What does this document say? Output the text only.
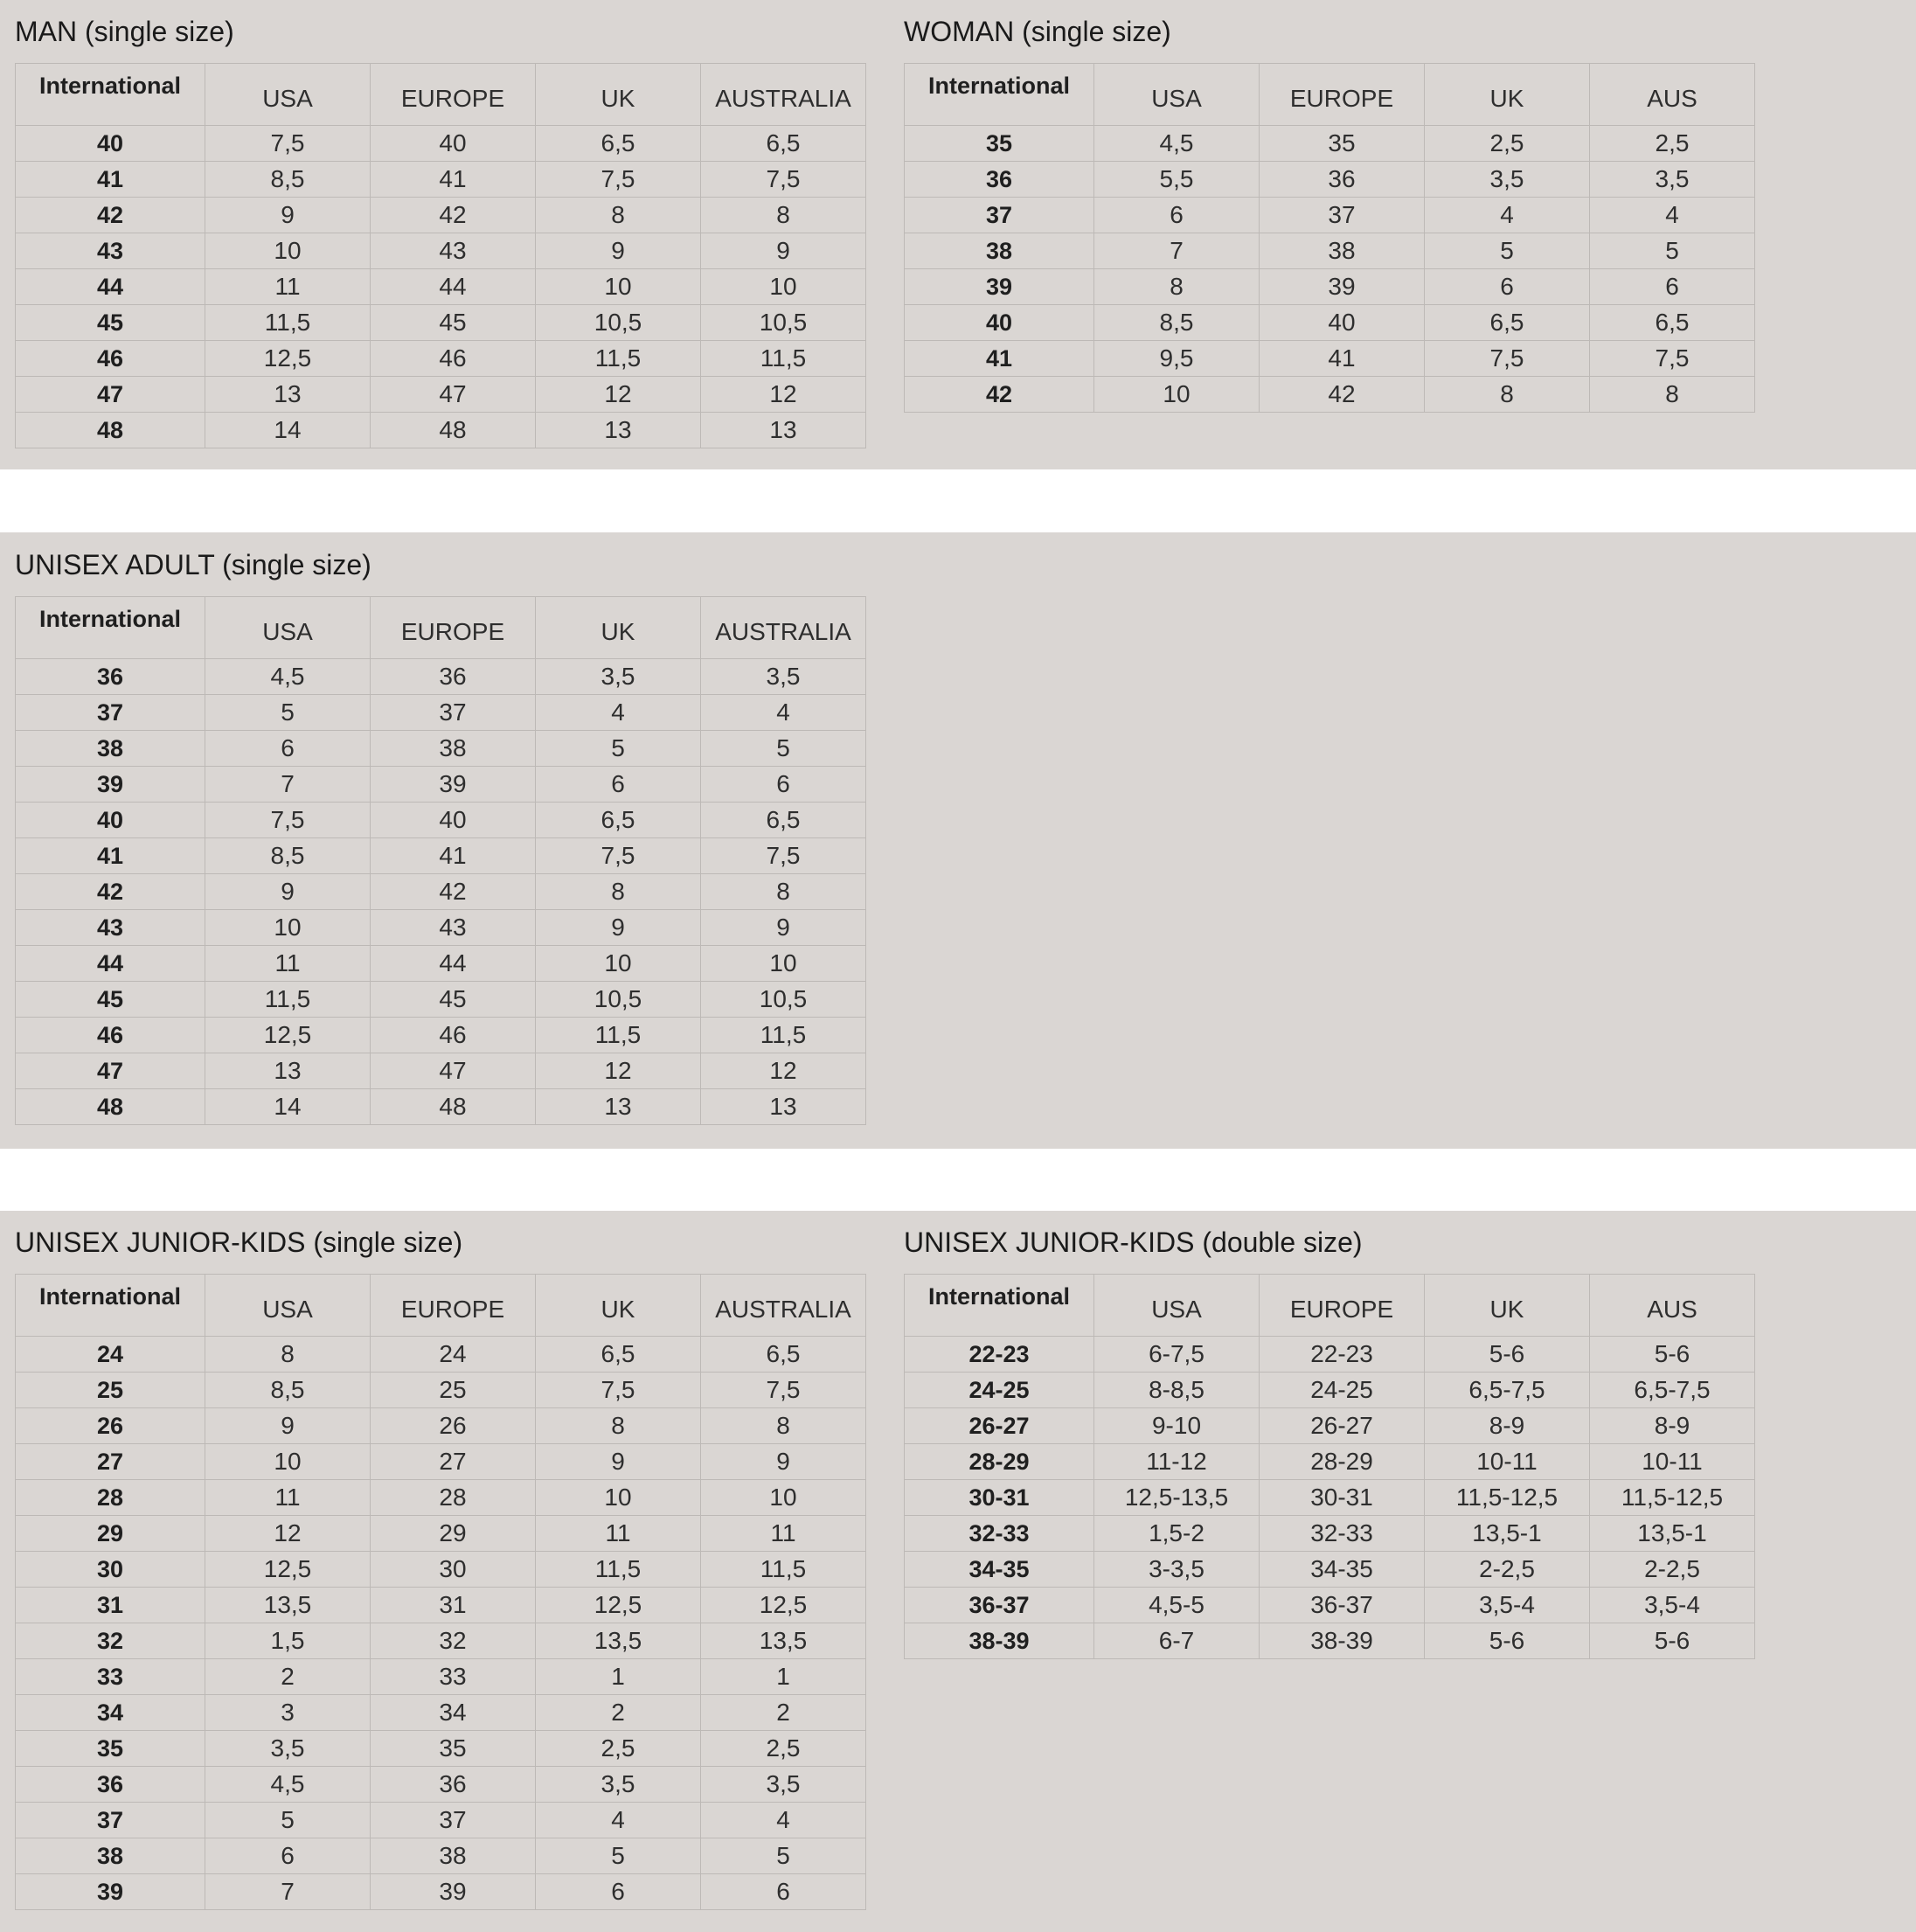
MAN (single size)
International	USA	EUROPE	UK	AUSTRALIA
40	7,5	40	6,5	6,5
41	8,5	41	7,5	7,5
42	9	42	8	8
43	10	43	9	9
44	11	44	10	10
45	11,5	45	10,5	10,5
46	12,5	46	11,5	11,5
47	13	47	12	12
48	14	48	13	13
WOMAN (single size)
International	USA	EUROPE	UK	AUS
35	4,5	35	2,5	2,5
36	5,5	36	3,5	3,5
37	6	37	4	4
38	7	38	5	5
39	8	39	6	6
40	8,5	40	6,5	6,5
41	9,5	41	7,5	7,5
42	10	42	8	8
UNISEX ADULT (single size)
International	USA	EUROPE	UK	AUSTRALIA
36	4,5	36	3,5	3,5
37	5	37	4	4
38	6	38	5	5
39	7	39	6	6
40	7,5	40	6,5	6,5
41	8,5	41	7,5	7,5
42	9	42	8	8
43	10	43	9	9
44	11	44	10	10
45	11,5	45	10,5	10,5
46	12,5	46	11,5	11,5
47	13	47	12	12
48	14	48	13	13
UNISEX JUNIOR-KIDS (single size)
International	USA	EUROPE	UK	AUSTRALIA
24	8	24	6,5	6,5
25	8,5	25	7,5	7,5
26	9	26	8	8
27	10	27	9	9
28	11	28	10	10
29	12	29	11	11
30	12,5	30	11,5	11,5
31	13,5	31	12,5	12,5
32	1,5	32	13,5	13,5
33	2	33	1	1
34	3	34	2	2
35	3,5	35	2,5	2,5
36	4,5	36	3,5	3,5
37	5	37	4	4
38	6	38	5	5
39	7	39	6	6
UNISEX JUNIOR-KIDS (double size)
International	USA	EUROPE	UK	AUS
22-23	6-7,5	22-23	5-6	5-6
24-25	8-8,5	24-25	6,5-7,5	6,5-7,5
26-27	9-10	26-27	8-9	8-9
28-29	11-12	28-29	10-11	10-11
30-31	12,5-13,5	30-31	11,5-12,5	11,5-12,5
32-33	1,5-2	32-33	13,5-1	13,5-1
34-35	3-3,5	34-35	2-2,5	2-2,5
36-37	4,5-5	36-37	3,5-4	3,5-4
38-39	6-7	38-39	5-6	5-6
